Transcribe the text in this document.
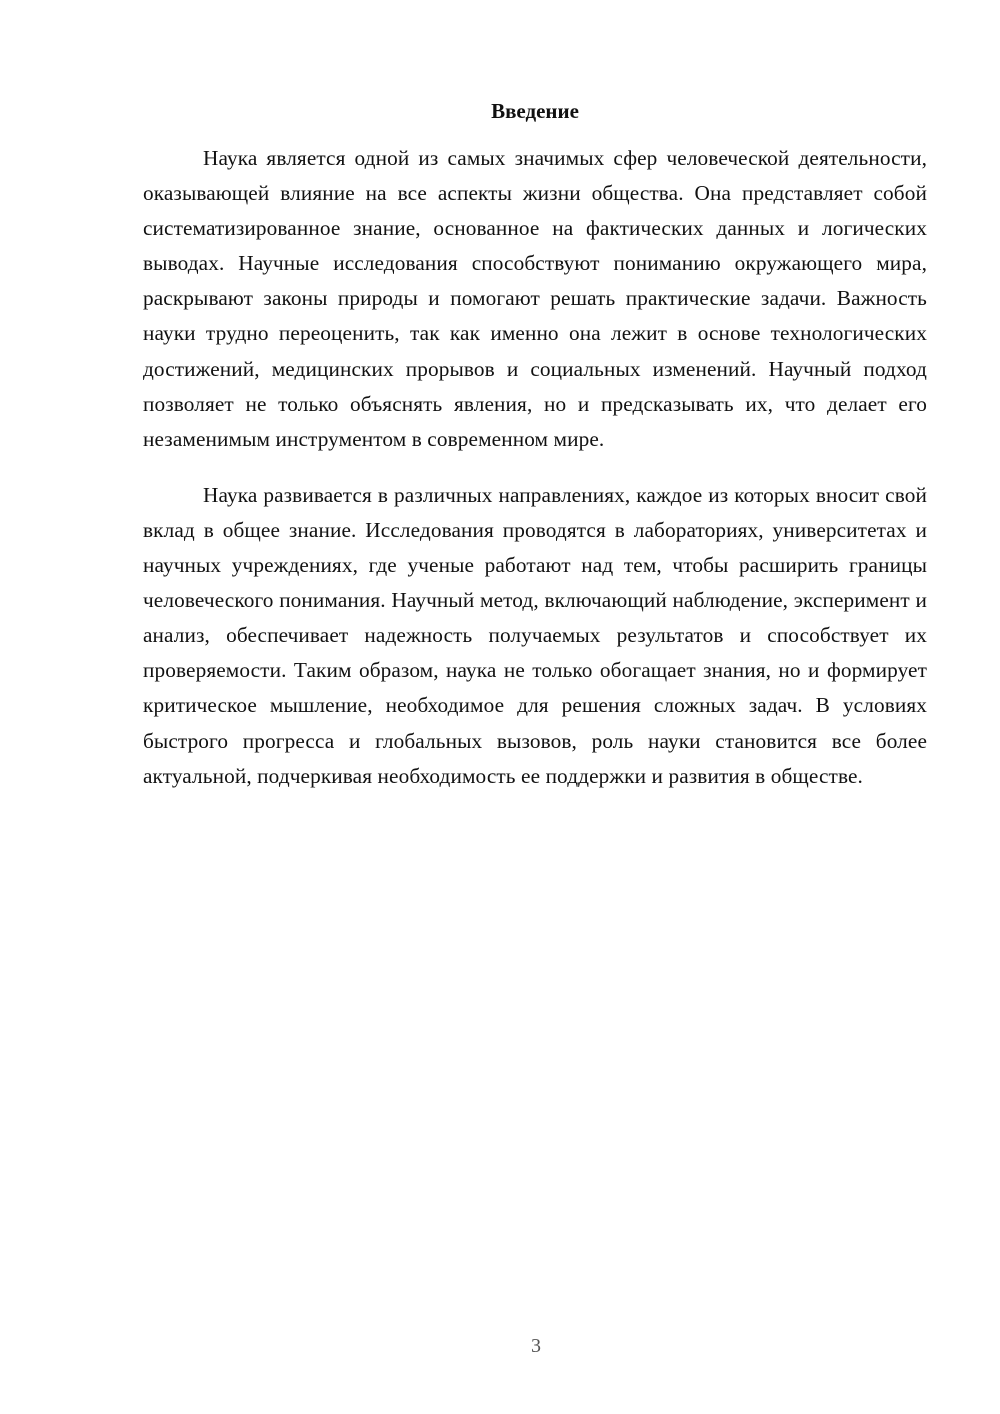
Введение

Наука является одной из самых значимых сфер человеческой деятельности, оказывающей влияние на все аспекты жизни общества. Она представляет собой систематизированное знание, основанное на фактических данных и логических выводах. Научные исследования способствуют пониманию окружающего мира, раскрывают законы природы и помогают решать практические задачи. Важность науки трудно переоценить, так как именно она лежит в основе технологических достижений, медицинских прорывов и социальных изменений. Научный подход позволяет не только объяснять явления, но и предсказывать их, что делает его незаменимым инструментом в современном мире.

Наука развивается в различных направлениях, каждое из которых вносит свой вклад в общее знание. Исследования проводятся в лабораториях, университетах и научных учреждениях, где ученые работают над тем, чтобы расширить границы человеческого понимания. Научный метод, включающий наблюдение, эксперимент и анализ, обеспечивает надежность получаемых результатов и способствует их проверяемости. Таким образом, наука не только обогащает знания, но и формирует критическое мышление, необходимое для решения сложных задач. В условиях быстрого прогресса и глобальных вызовов, роль науки становится все более актуальной, подчеркивая необходимость ее поддержки и развития в обществе.

3
